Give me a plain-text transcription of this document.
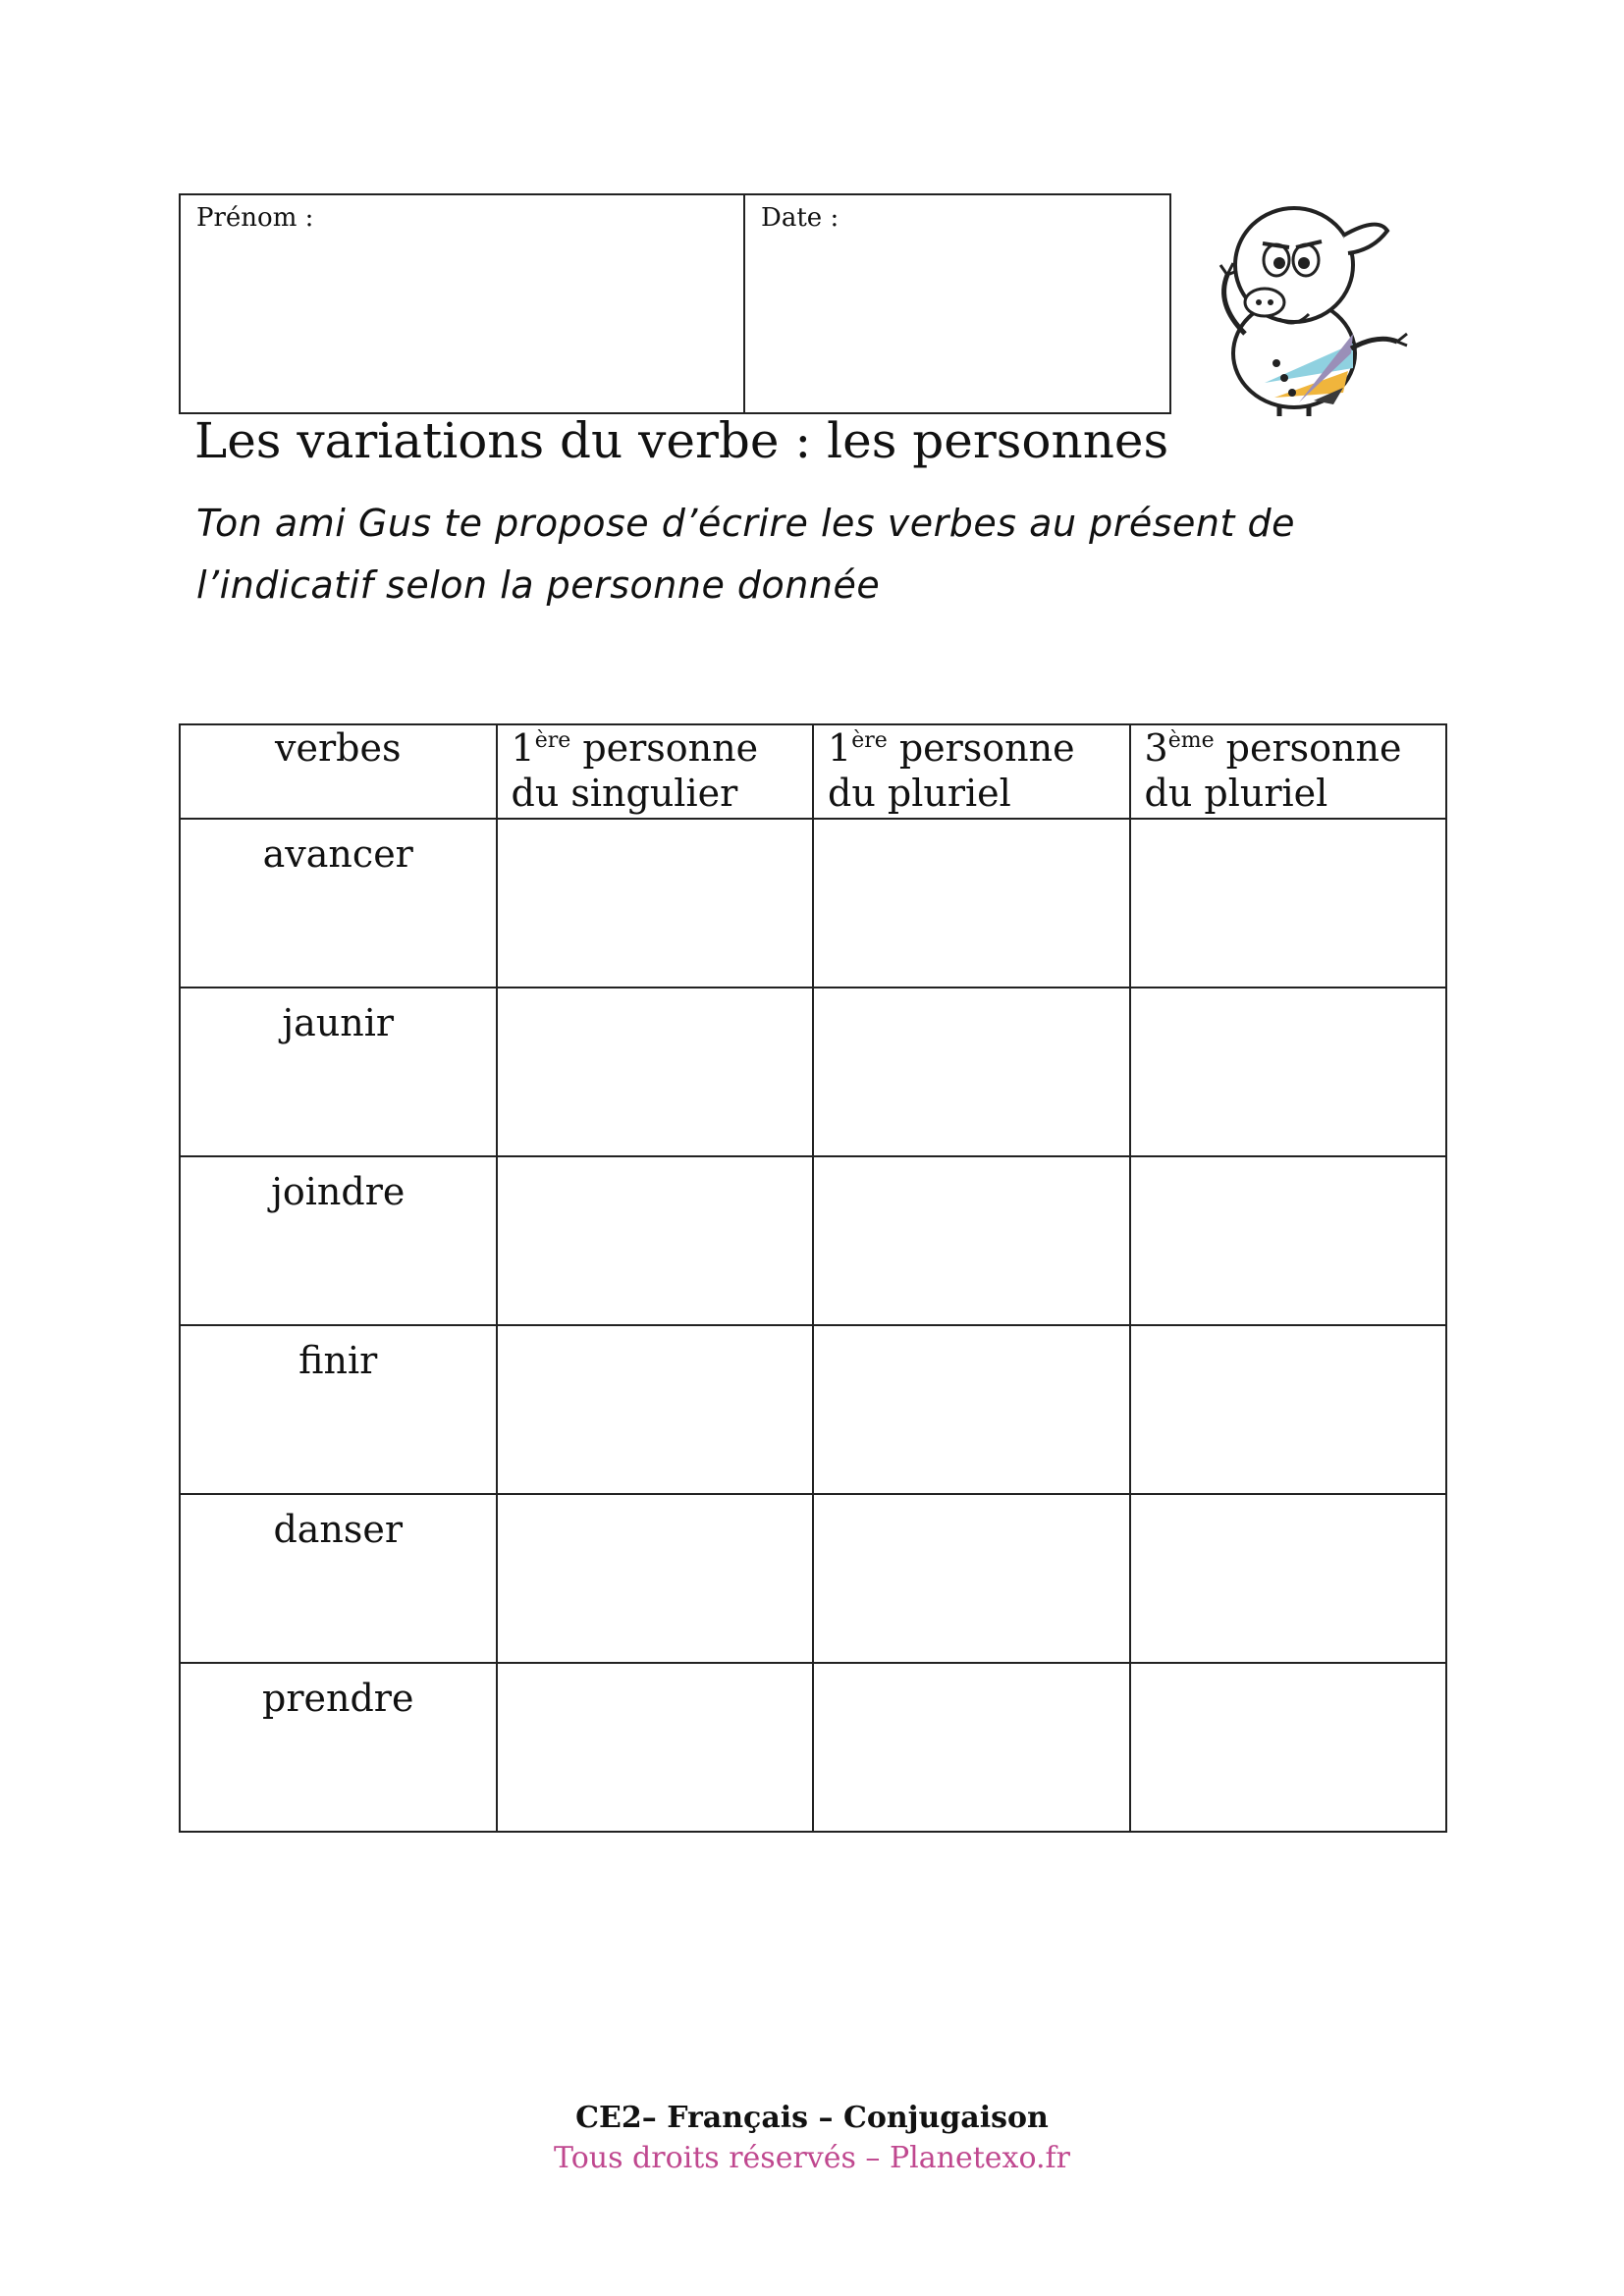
Prénom :	Date :
Les variations du verbe : les personnes
Ton ami Gus te propose d’écrire les verbes au présent de
l’indicatif selon la personne donnée
verbes	1ère personne du singulier	1ère personne du pluriel	3ème personne du pluriel
avancer			
jaunir			
joindre			
finir			
danser			
prendre			
CE2– Français – Conjugaison
Tous droits réservés – Planetexo.fr
